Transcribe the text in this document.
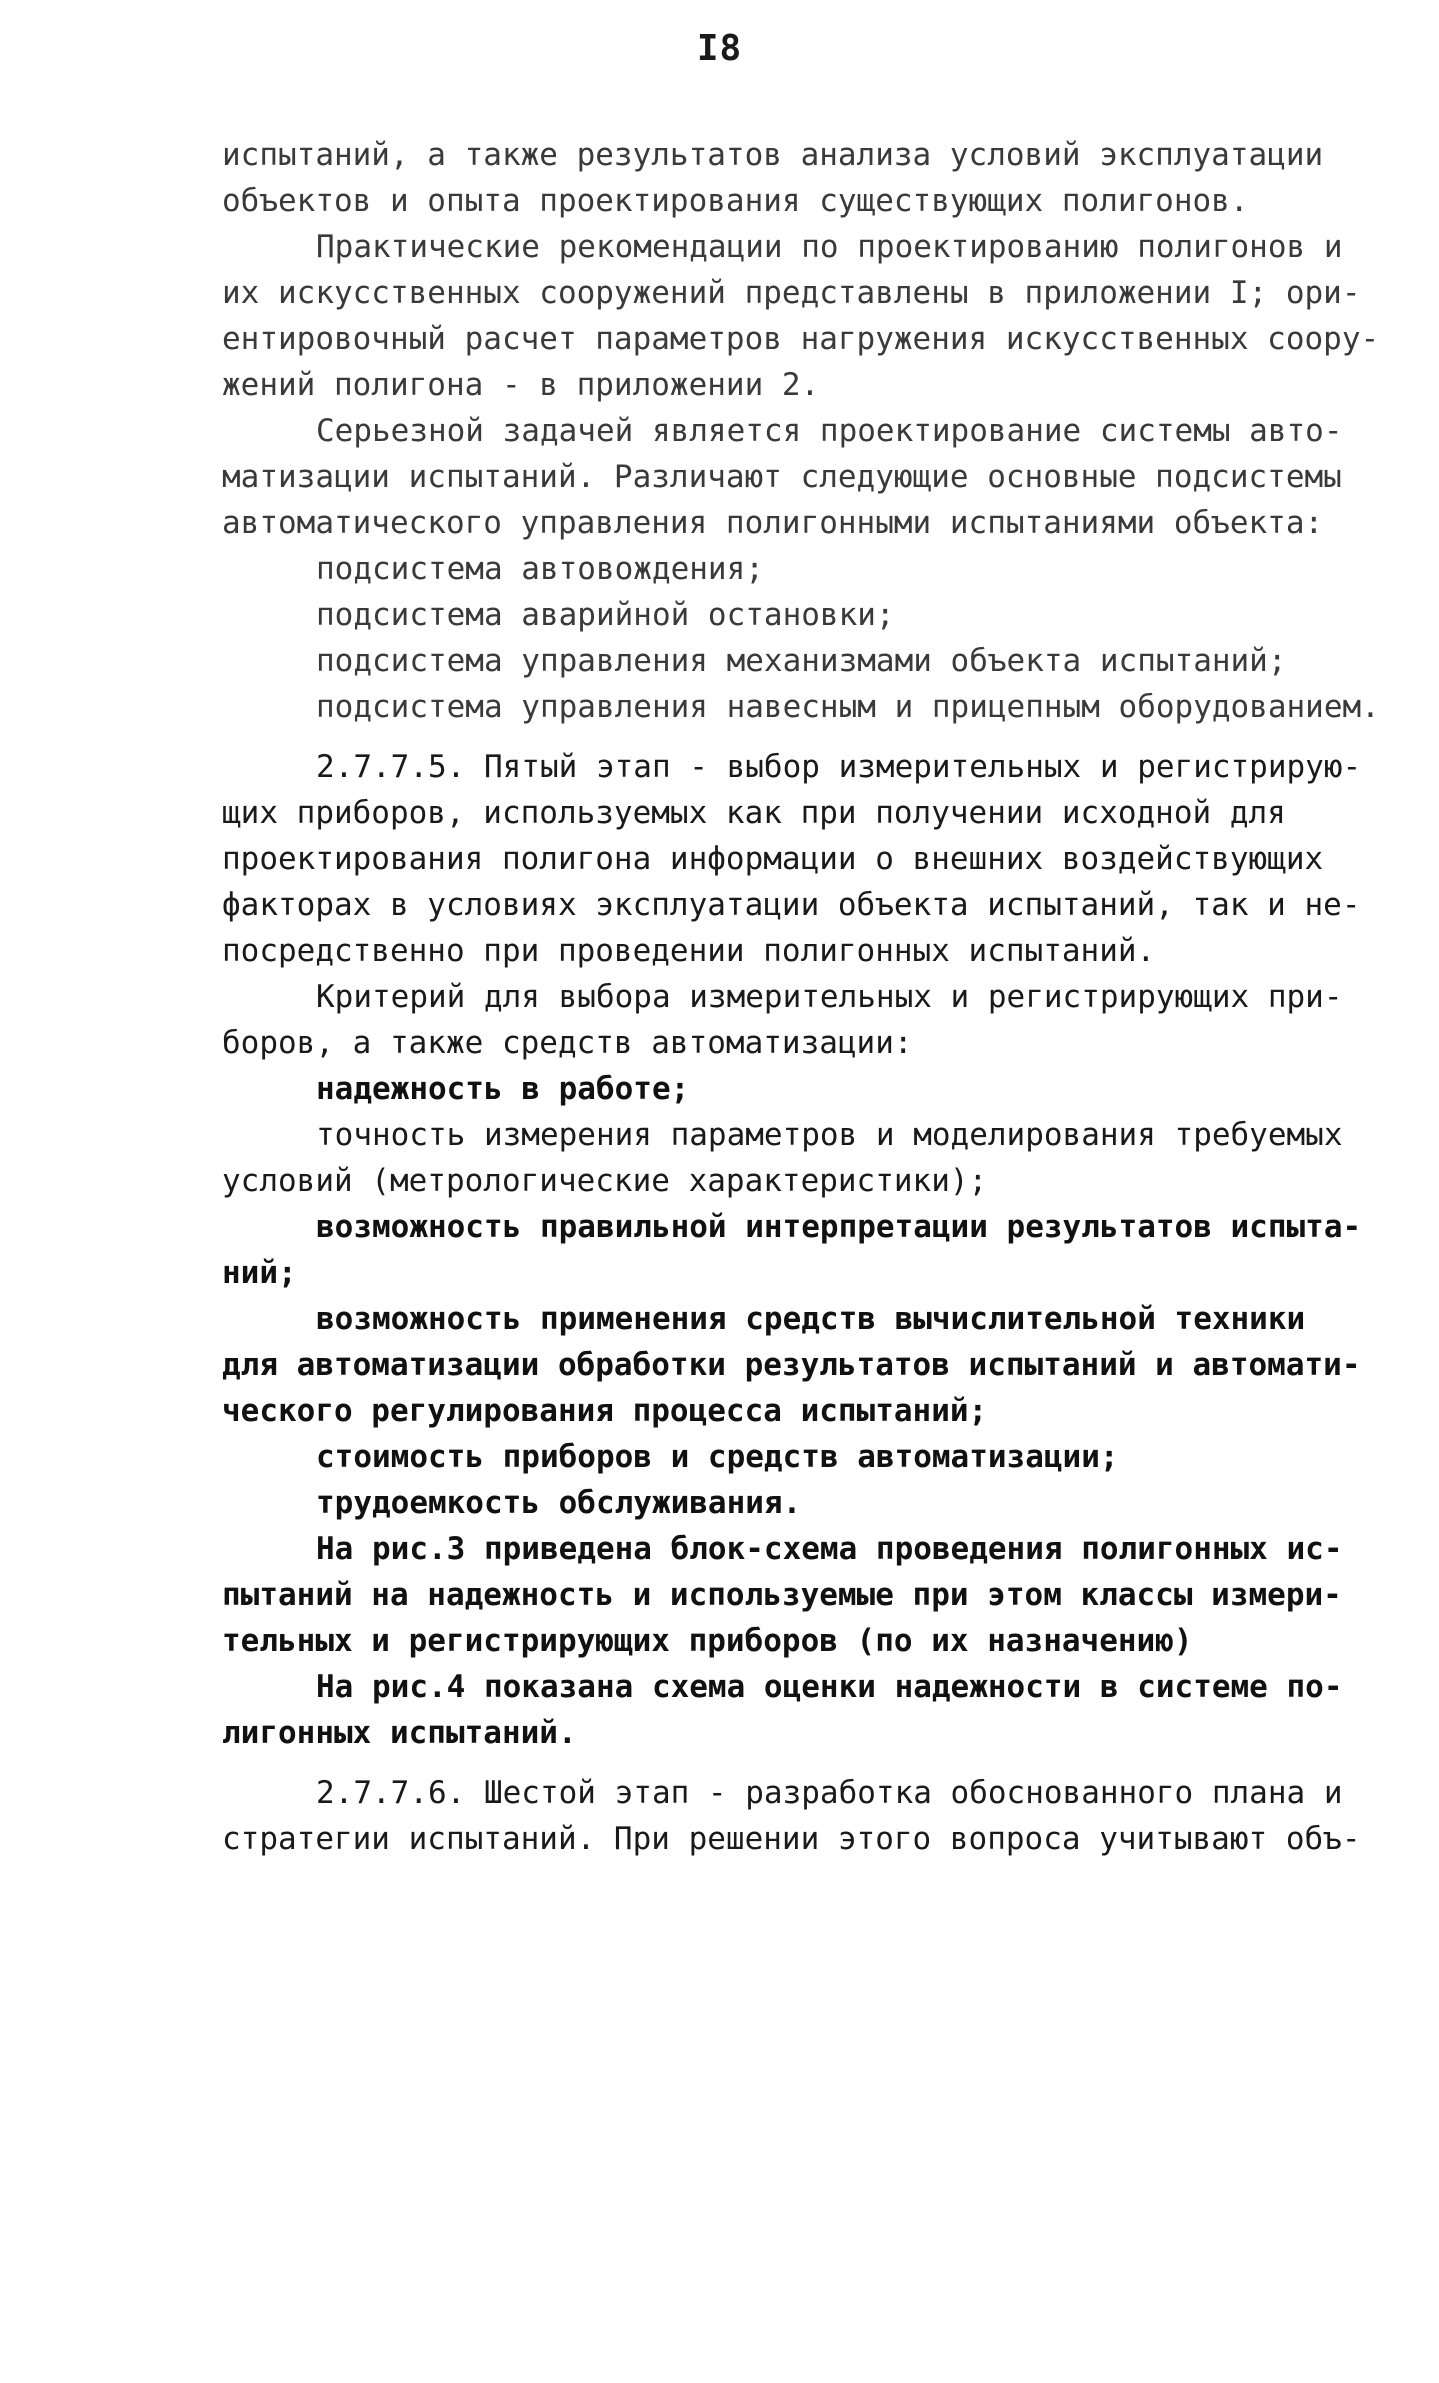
I8
испытаний, а также результатов анализа условий эксплуатации
объектов и опыта проектирования существующих полигонов.
Практические рекомендации по проектированию полигонов и
их искусственных сооружений представлены в приложении I; ори-
ентировочный расчет параметров нагружения искусственных соору-
жений полигона - в приложении 2.
Серьезной задачей является проектирование системы авто-
матизации испытаний. Различают следующие основные подсистемы
автоматического управления полигонными испытаниями объекта:
подсистема автовождения;
подсистема аварийной остановки;
подсистема управления механизмами объекта испытаний;
подсистема управления навесным и прицепным оборудованием.
2.7.7.5. Пятый этап - выбор измерительных и регистрирую-
щих приборов, используемых как при получении исходной для
проектирования полигона информации о внешних воздействующих
факторах в условиях эксплуатации объекта испытаний, так и не-
посредственно при проведении полигонных испытаний.
Критерий для выбора измерительных и регистрирующих при-
боров, а также средств автоматизации:
надежность в работе;
точность измерения параметров и моделирования требуемых
условий (метрологические характеристики);
возможность правильной интерпретации результатов испыта-
ний;
возможность применения средств вычислительной техники
для автоматизации обработки результатов испытаний и автомати-
ческого регулирования процесса испытаний;
стоимость приборов и средств автоматизации;
трудоемкость обслуживания.
На рис.3 приведена блок-схема проведения полигонных ис-
пытаний на надежность и используемые при этом классы измери-
тельных и регистрирующих приборов (по их назначению)
На рис.4 показана схема оценки надежности в системе по-
лигонных испытаний.
2.7.7.6. Шестой этап - разработка обоснованного плана и
стратегии испытаний. При решении этого вопроса учитывают объ-
